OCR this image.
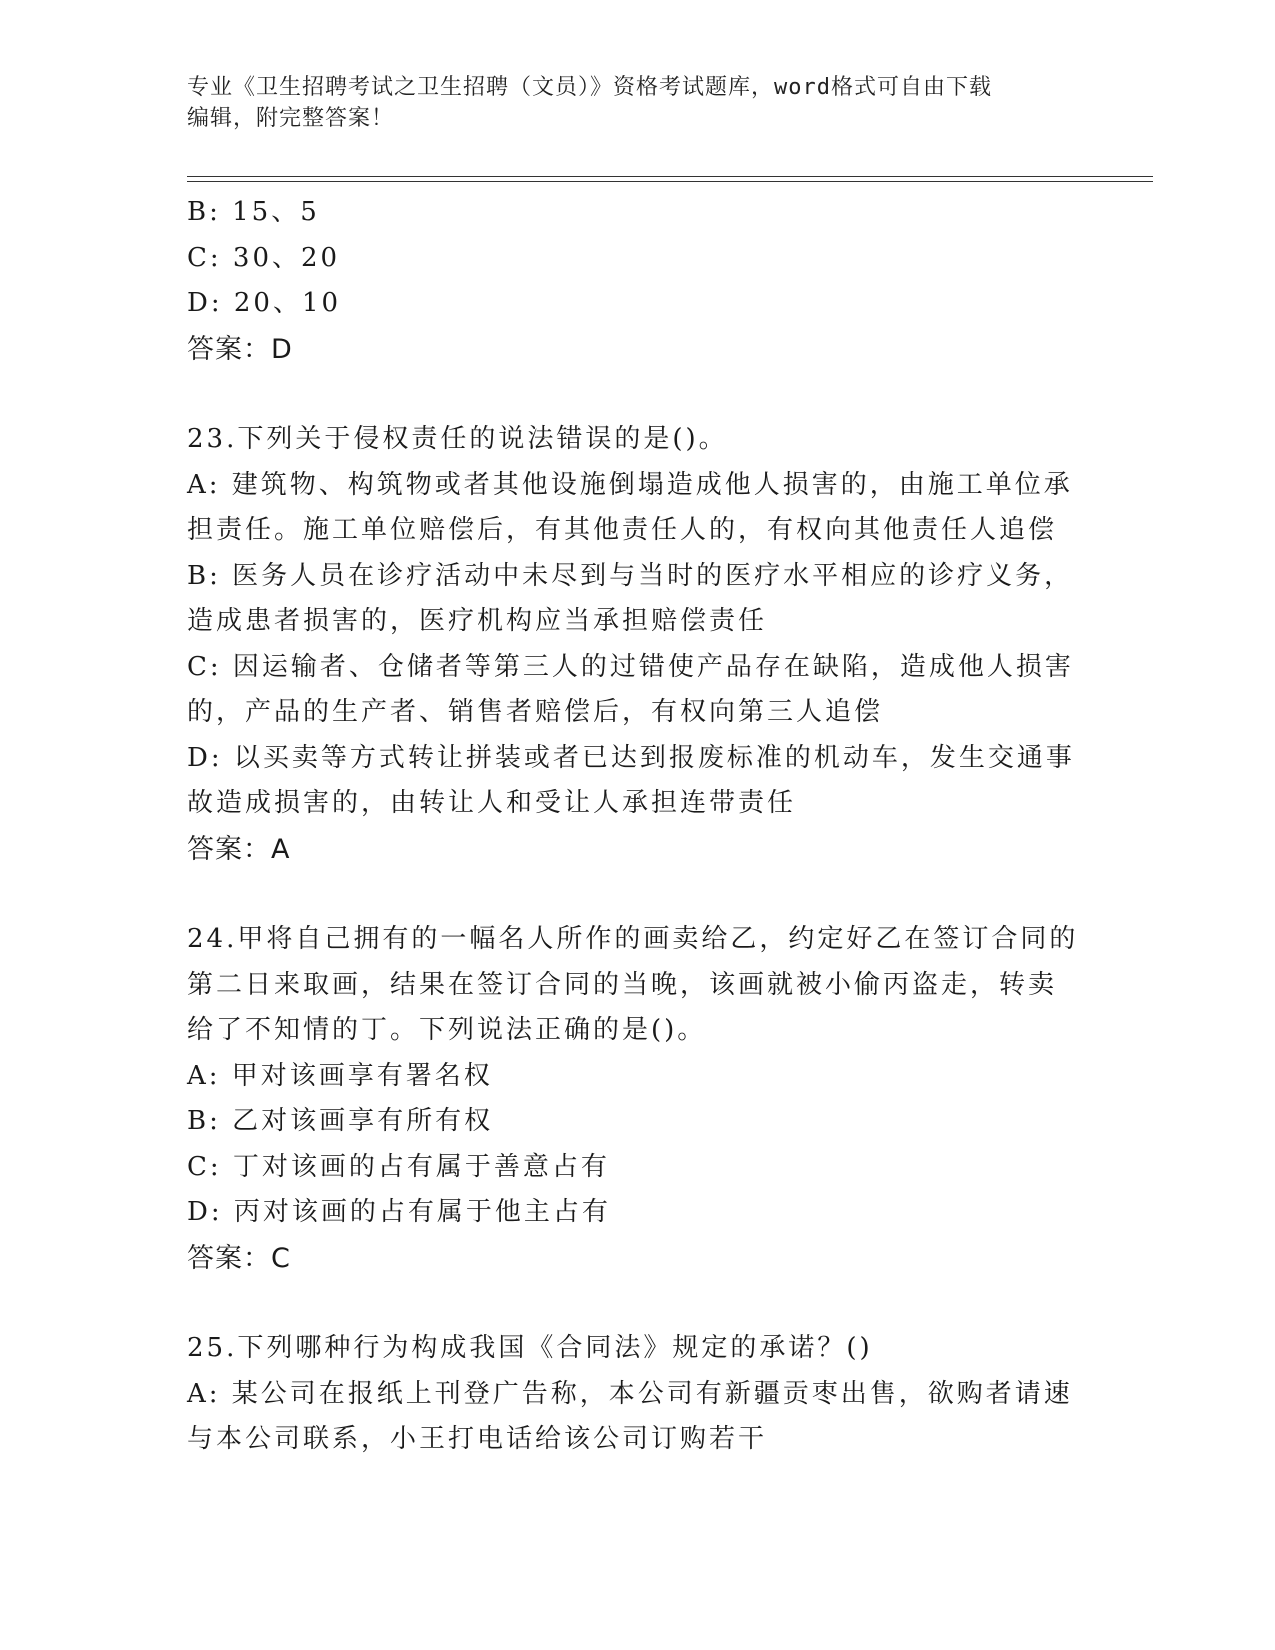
专业《卫生招聘考试之卫生招聘（文员）》资格考试题库，word格式可自由下载
编辑，附完整答案！
B: 15、5
C: 30、20
D: 20、10
答案：D
23.下列关于侵权责任的说法错误的是()。
A: 建筑物、构筑物或者其他设施倒塌造成他人损害的，由施工单位承
担责任。施工单位赔偿后，有其他责任人的，有权向其他责任人追偿
B: 医务人员在诊疗活动中未尽到与当时的医疗水平相应的诊疗义务，
造成患者损害的，医疗机构应当承担赔偿责任
C: 因运输者、仓储者等第三人的过错使产品存在缺陷，造成他人损害
的，产品的生产者、销售者赔偿后，有权向第三人追偿
D: 以买卖等方式转让拼装或者已达到报废标准的机动车，发生交通事
故造成损害的，由转让人和受让人承担连带责任
答案：A
24.甲将自己拥有的一幅名人所作的画卖给乙，约定好乙在签订合同的
第二日来取画，结果在签订合同的当晚，该画就被小偷丙盗走，转卖
给了不知情的丁。下列说法正确的是()。
A: 甲对该画享有署名权
B: 乙对该画享有所有权
C: 丁对该画的占有属于善意占有
D: 丙对该画的占有属于他主占有
答案：C
25.下列哪种行为构成我国《合同法》规定的承诺？()
A: 某公司在报纸上刊登广告称，本公司有新疆贡枣出售，欲购者请速
与本公司联系，小王打电话给该公司订购若干
